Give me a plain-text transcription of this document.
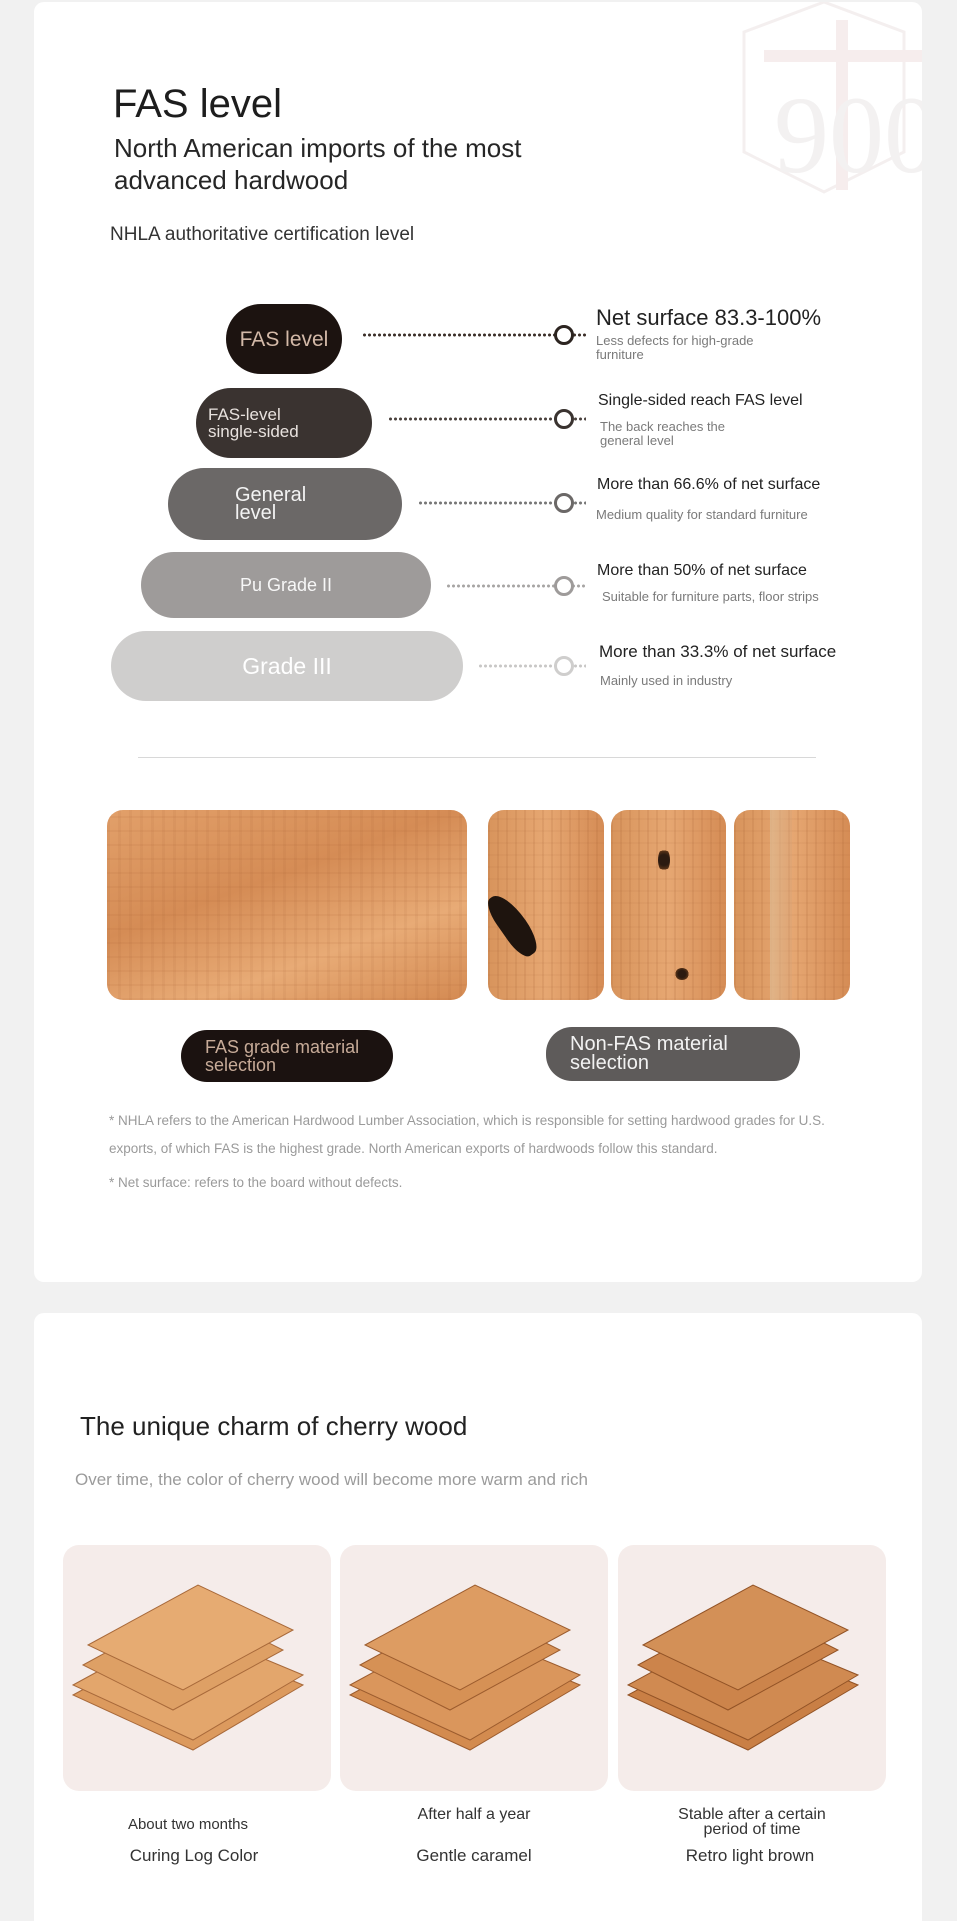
900
FAS level
North American imports of the most advanced hardwood
NHLA authoritative certification level
FAS level
Net surface 83.3-100%
Less defects for high-grade furniture
FAS-level single-sided
Single-sided reach FAS level
The back reaches the general level
General level
More than 66.6% of net surface
Medium quality for standard furniture
Pu Grade II
More than 50% of net surface
Suitable for furniture parts, floor strips
Grade III
More than 33.3% of net surface
Mainly used in industry
FAS grade material selection
Non-FAS material selection
* NHLA refers to the American Hardwood Lumber Association, which is responsible for setting hardwood grades for U.S. exports, of which FAS is the highest grade. North American exports of hardwoods follow this standard.
* Net surface: refers to the board without defects.
The unique charm of cherry wood
Over time, the color of cherry wood will become more warm and rich
About two months
Curing Log Color
After half a year
Gentle caramel
Stable after a certain period of time
Retro light brown
